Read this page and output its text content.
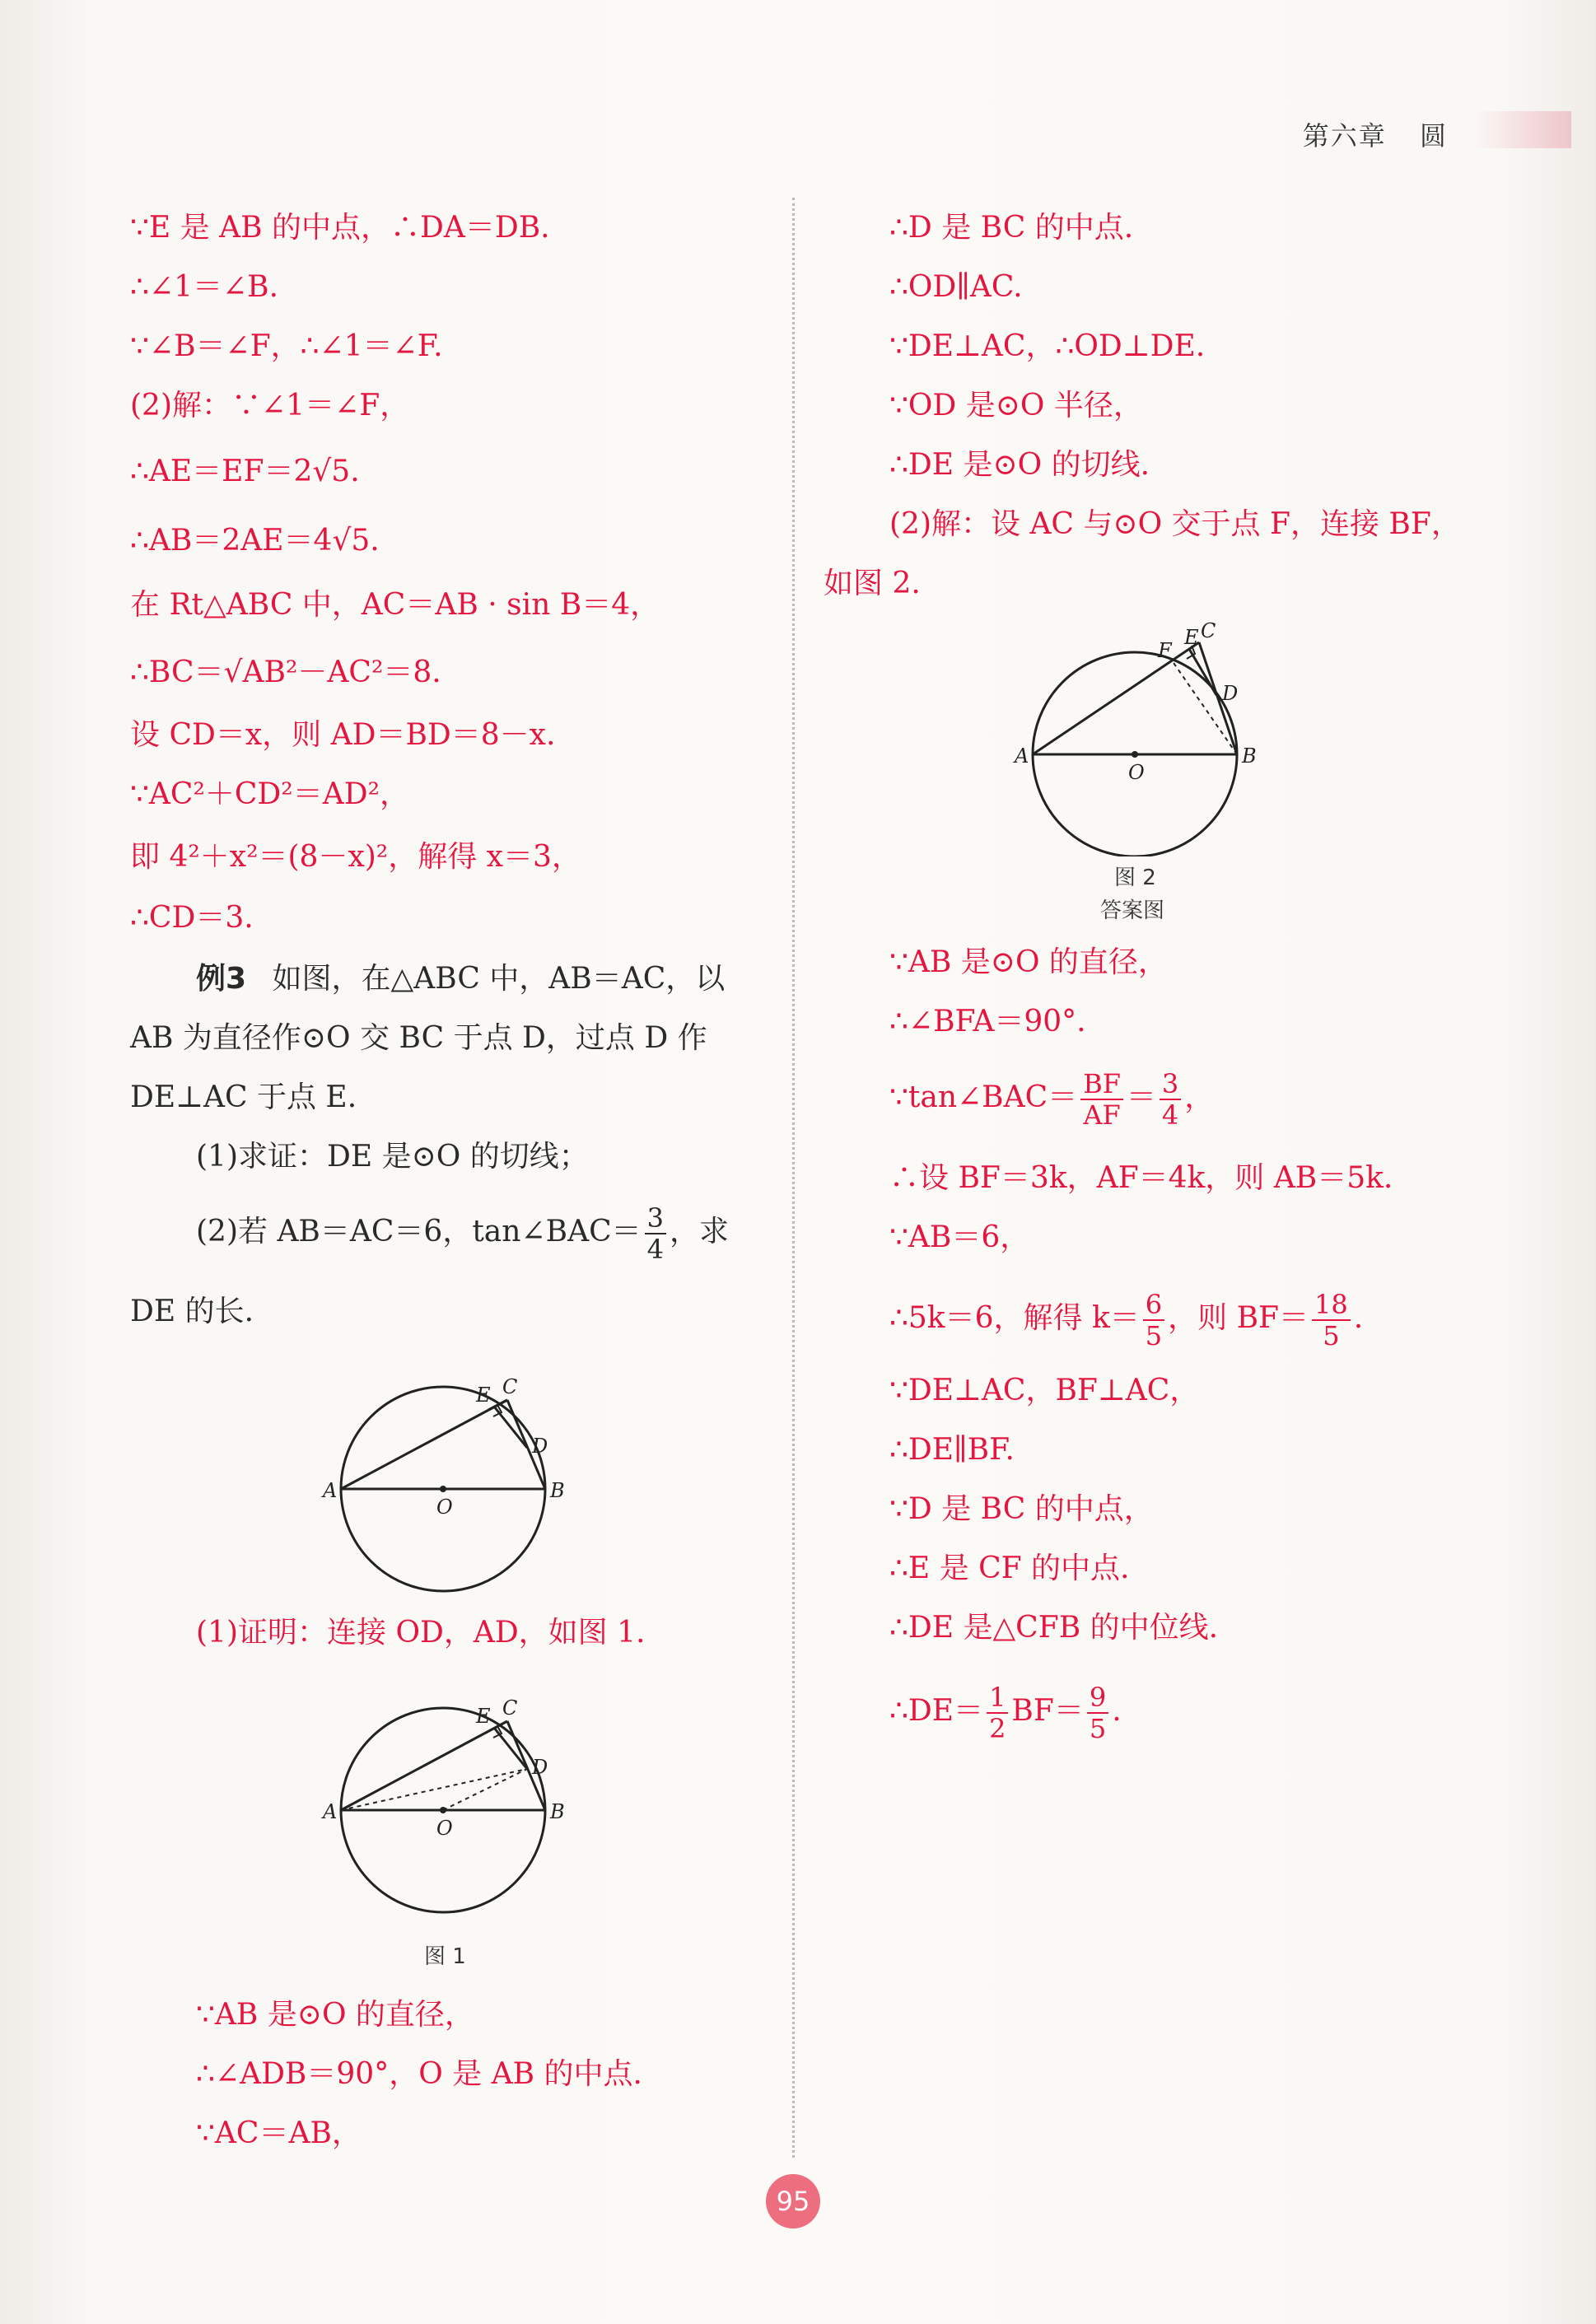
第六章 圆
∵E 是 AB 的中点，∴DA＝DB.
∴∠1＝∠B.
∵∠B＝∠F，∴∠1＝∠F.
(2)解：∵∠1＝∠F，
∴AE＝EF＝2√5.
∴AB＝2AE＝4√5.
在 Rt△ABC 中，AC＝AB · sin B＝4，
∴BC＝√AB²－AC²＝8.
设 CD＝x，则 AD＝BD＝8－x.
∵AC²＋CD²＝AD²，
即 4²＋x²＝(8－x)²，解得 x＝3，
∴CD＝3.
例3 如图，在△ABC 中，AB＝AC，以
AB 为直径作⊙O 交 BC 于点 D，过点 D 作
DE⊥AC 于点 E.
(1)求证：DE 是⊙O 的切线；
(2)若 AB＝AC＝6，tan∠BAC＝ $\frac{3}{4}$ ，求
DE 的长.
A	B
C
D
E
O
(1)证明：连接 OD，AD，如图 1.
A	B
C
D
E
O
图 1
∵AB 是⊙O 的直径，
∴∠ADB＝90°，O 是 AB 的中点.
∵AC＝AB，
∴D 是 BC 的中点.
∴OD∥AC.
∵DE⊥AC，∴OD⊥DE.
∵OD 是⊙O 半径，
∴DE 是⊙O 的切线.
(2)解：设 AC 与⊙O 交于点 F，连接 BF，
如图 2.
A	B
C
D
E
F
O
图 2
答案图
∵AB 是⊙O 的直径，
∴∠BFA＝90°.
∵tan∠BAC＝ $\frac{BF}{AF} = \frac{3}{4}$ ，
∴设 BF＝3k，AF＝4k，则 AB＝5k.
∵AB＝6，
∴5k＝6，解得 $k= \frac{6}{5}$ ，则 $BF= \frac{18}{5}$ .
∵DE⊥AC，BF⊥AC，
∴DE∥BF.
∵D 是 BC 的中点，
∴E 是 CF 的中点.
∴DE 是△CFB 的中位线.
∴DE＝ $\frac{1}{2} BF= \frac{9}{5}$ .
95
